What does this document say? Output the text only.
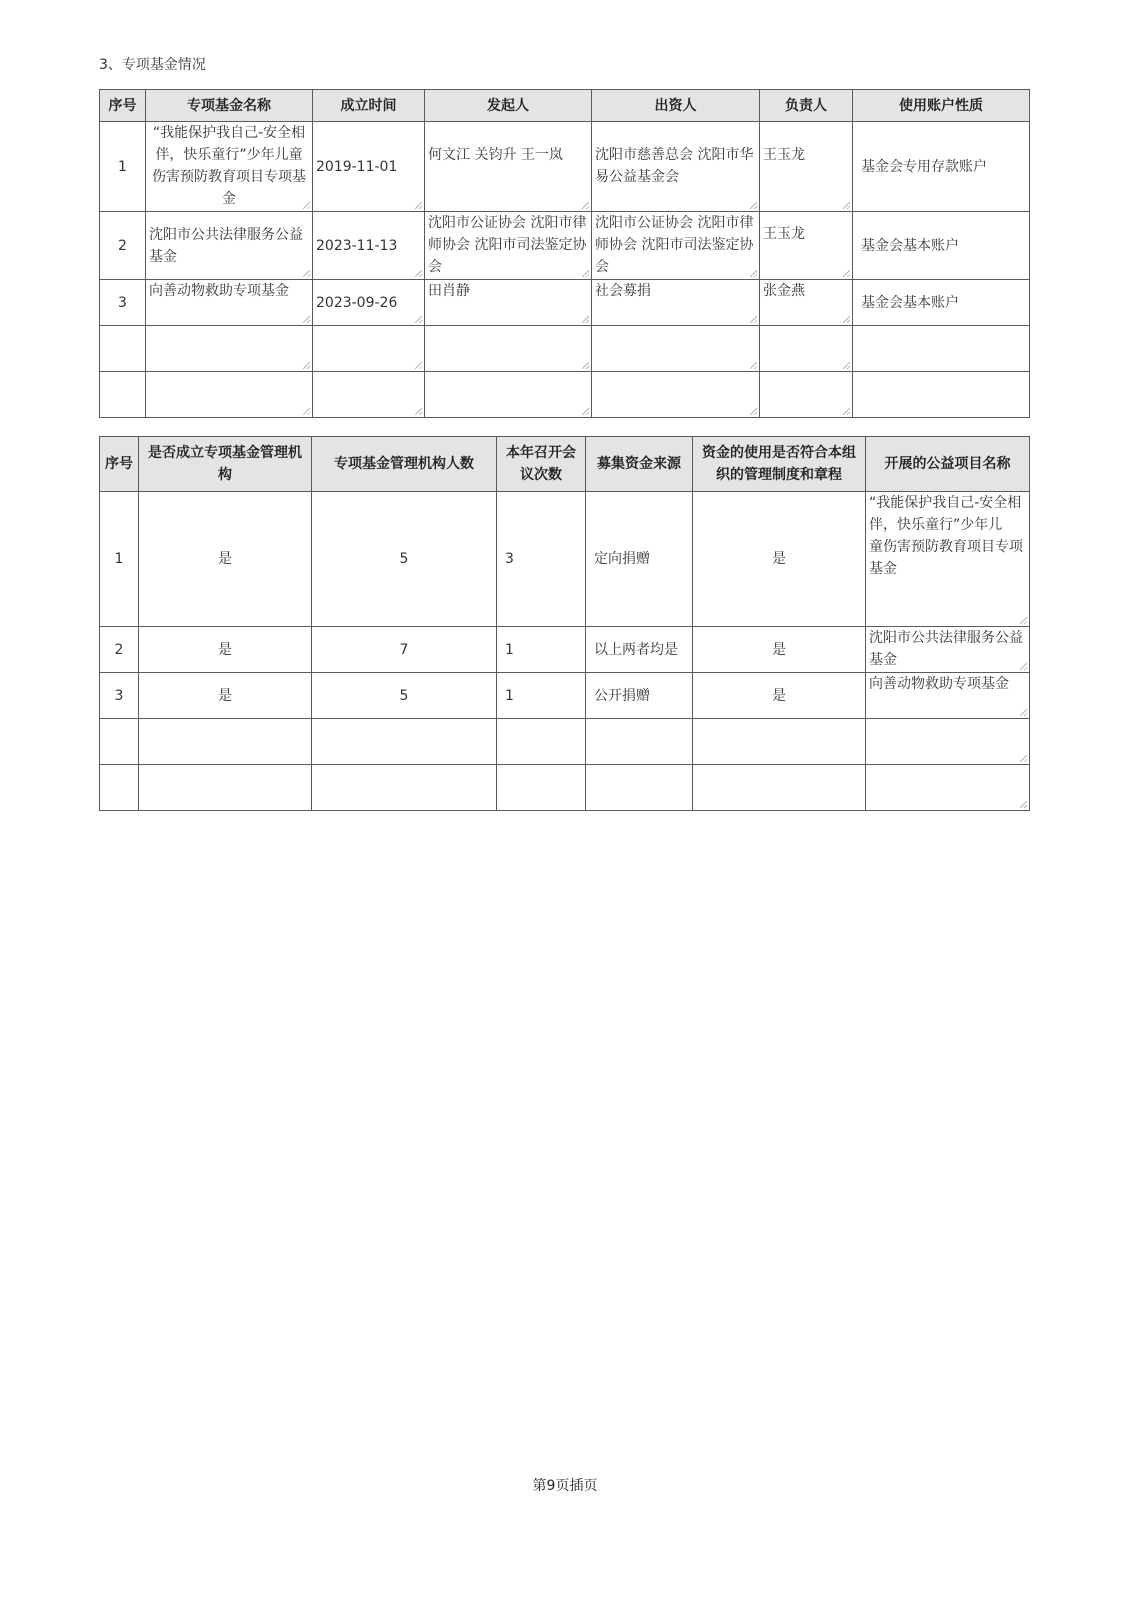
3、专项基金情况
序号	专项基金名称	成立时间	发起人	出资人	负责人	使用账户性质
1	“我能保护我自己-安全相伴，快乐童行”少年儿童伤害预防教育项目专项基金	2019-11-01	何文江 关钧升 王一岚	沈阳市慈善总会 沈阳市华易公益基金会	王玉龙	基金会专用存款账户
2	沈阳市公共法律服务公益基金	2023-11-13	沈阳市公证协会 沈阳市律师协会 沈阳市司法鉴定协会	沈阳市公证协会 沈阳市律师协会 沈阳市司法鉴定协会	王玉龙	基金会基本账户
3	向善动物救助专项基金	2023-09-26	田肖静	社会募捐	张金燕	基金会基本账户

序号	是否成立专项基金管理机构	专项基金管理机构人数	本年召开会议次数	募集资金来源	资金的使用是否符合本组织的管理制度和章程	开展的公益项目名称
1	是	5	3	定向捐赠	是	“我能保护我自己-安全相伴，快乐童行”少年儿
童伤害预防教育项目专项
基金
2	是	7	1	以上两者均是	是	沈阳市公共法律服务公益基金
3	是	5	1	公开捐赠	是	向善动物救助专项基金

第9页插页
